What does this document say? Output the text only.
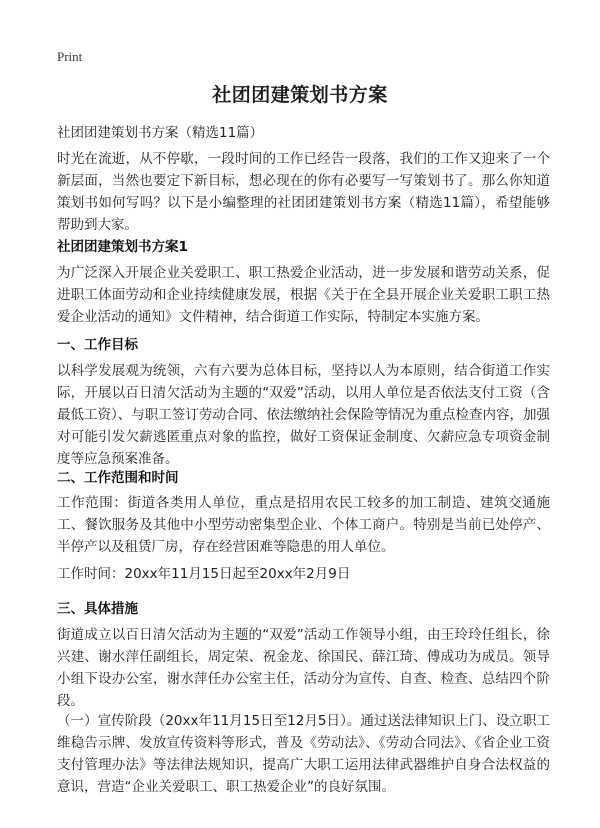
Print
社团团建策划书方案
社团团建策划书方案（精选11篇）
时光在流逝，从不停歇，一段时间的工作已经告一段落，我们的工作又迎来了一个新层面，当然也要定下新目标，想必现在的你有必要写一写策划书了。那么你知道策划书如何写吗？以下是小编整理的社团团建策划书方案（精选11篇），希望能够帮助到大家。
社团团建策划书方案1
为广泛深入开展企业关爱职工、职工热爱企业活动，进一步发展和谐劳动关系，促进职工体面劳动和企业持续健康发展，根据《关于在全县开展企业关爱职工职工热爱企业活动的通知》文件精神，结合街道工作实际，特制定本实施方案。
一、工作目标
以科学发展观为统领，六有六要为总体目标，坚持以人为本原则，结合街道工作实际，开展以百日清欠活动为主题的“双爱”活动，以用人单位是否依法支付工资（含最低工资）、与职工签订劳动合同、依法缴纳社会保险等情况为重点检查内容，加强对可能引发欠薪逃匿重点对象的监控，做好工资保证金制度、欠薪应急专项资金制度等应急预案准备。
二、工作范围和时间
工作范围：街道各类用人单位，重点是招用农民工较多的加工制造、建筑交通施工、餐饮服务及其他中小型劳动密集型企业、个体工商户。特别是当前已处停产、半停产以及租赁厂房，存在经营困难等隐患的用人单位。
工作时间：20xx年11月15日起至20xx年2月9日
三、具体措施
街道成立以百日清欠活动为主题的“双爱”活动工作领导小组，由王玲玲任组长，徐兴建、谢水萍任副组长，周定荣、祝金龙、徐国民、薛江琦、傅成功为成员。领导小组下设办公室，谢水萍任办公室主任，活动分为宣传、自查、检查、总结四个阶段。
（一）宣传阶段（20xx年11月15日至12月5日）。通过送法律知识上门、设立职工维稳告示牌、发放宣传资料等形式，普及《劳动法》、《劳动合同法》、《省企业工资支付管理办法》等法律法规知识，提高广大职工运用法律武器维护自身合法权益的意识，营造“企业关爱职工、职工热爱企业”的良好氛围。
